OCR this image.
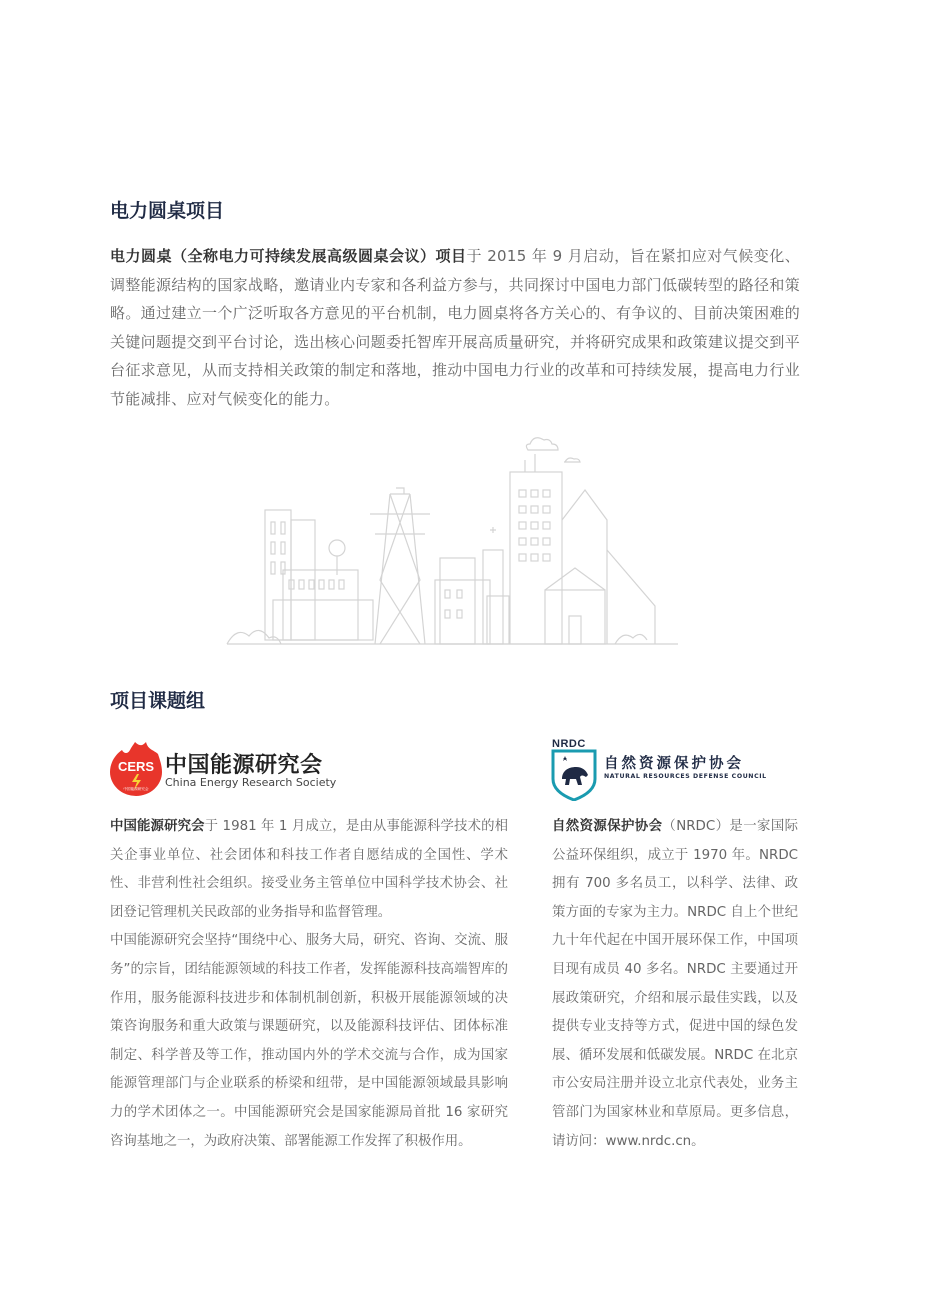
电力圆桌项目

电力圆桌（全称电力可持续发展高级圆桌会议）项目于 2015 年 9 月启动，旨在紧扣应对气候变化、调整能源结构的国家战略，邀请业内专家和各利益方参与，共同探讨中国电力部门低碳转型的路径和策略。通过建立一个广泛听取各方意见的平台机制，电力圆桌将各方关心的、有争议的、目前决策困难的关键问题提交到平台讨论，选出核心问题委托智库开展高质量研究，并将研究成果和政策建议提交到平台征求意见，从而支持相关政策的制定和落地，推动中国电力行业的改革和可持续发展，提高电力行业节能减排、应对气候变化的能力。

项目课题组
CERS
中国能源研究会
中国能源研究会
China Energy Research Society
NRDC
自然资源保护协会
NATURAL RESOURCES DEFENSE COUNCIL

中国能源研究会于 1981 年 1 月成立，是由从事能源科学技术的相关企事业单位、社会团体和科技工作者自愿结成的全国性、学术性、非营利性社会组织。接受业务主管单位中国科学技术协会、社团登记管理机关民政部的业务指导和监督管理。

中国能源研究会坚持“围绕中心、服务大局，研究、咨询、交流、服务”的宗旨，团结能源领域的科技工作者，发挥能源科技高端智库的作用，服务能源科技进步和体制机制创新，积极开展能源领域的决策咨询服务和重大政策与课题研究，以及能源科技评估、团体标准制定、科学普及等工作，推动国内外的学术交流与合作，成为国家能源管理部门与企业联系的桥梁和纽带，是中国能源领域最具影响力的学术团体之一。中国能源研究会是国家能源局首批 16 家研究咨询基地之一，为政府决策、部署能源工作发挥了积极作用。

自然资源保护协会（NRDC）是一家国际公益环保组织，成立于 1970 年。NRDC 拥有 700 多名员工，以科学、法律、政策方面的专家为主力。NRDC 自上个世纪九十年代起在中国开展环保工作，中国项目现有成员 40 多名。NRDC 主要通过开展政策研究，介绍和展示最佳实践，以及提供专业支持等方式，促进中国的绿色发展、循环发展和低碳发展。NRDC 在北京市公安局注册并设立北京代表处，业务主管部门为国家林业和草原局。更多信息，请访问：www.nrdc.cn。
